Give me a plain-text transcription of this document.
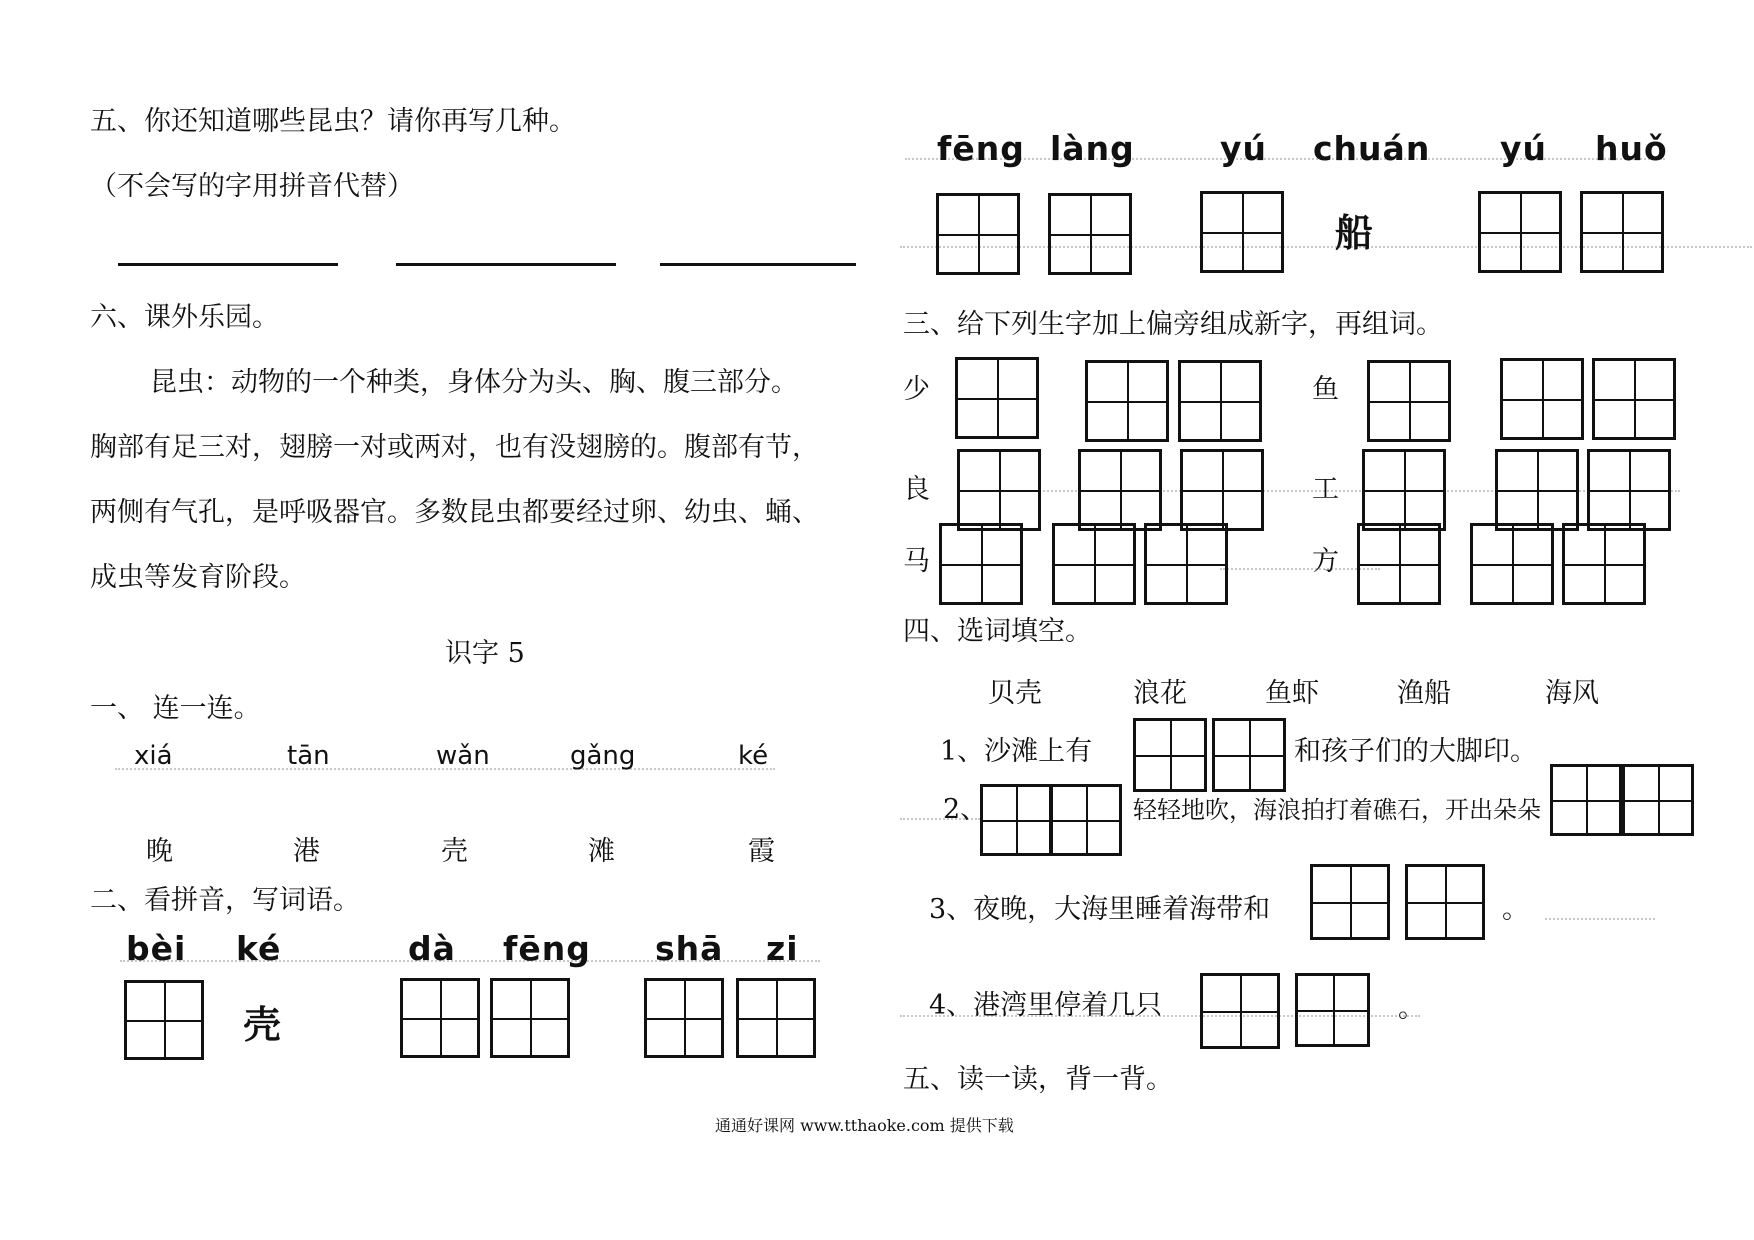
五、你还知道哪些昆虫？请你再写几种。
（不会写的字用拼音代替）
六、课外乐园。
昆虫：动物的一个种类，身体分为头、胸、腹三部分。
胸部有足三对，翅膀一对或两对，也有没翅膀的。腹部有节，
两侧有气孔，是呼吸器官。多数昆虫都要经过卵、幼虫、蛹、
成虫等发育阶段。
识字 5
一、 连一连。
xiá	tān	wǎn	gǎng	ké
晚	港	壳	滩	霞
二、看拼音，写词语。
bèi ké	dà fēng shā zi
壳
fēng làng	yú chuán yú huǒ
船
三、给下列生字加上偏旁组成新字，再组词。
少	鱼
良	工
马	方
四、选词填空。
贝壳	浪花	鱼虾	渔船	海风
1、沙滩上有	和孩子们的大脚印。
2、	轻轻地吹，海浪拍打着礁石，开出朵朵
3、夜晚，大海里睡着海带和	。
4、港湾里停着几只	。
五、读一读，背一背。
通通好课网 www.tthaoke.com 提供下载
